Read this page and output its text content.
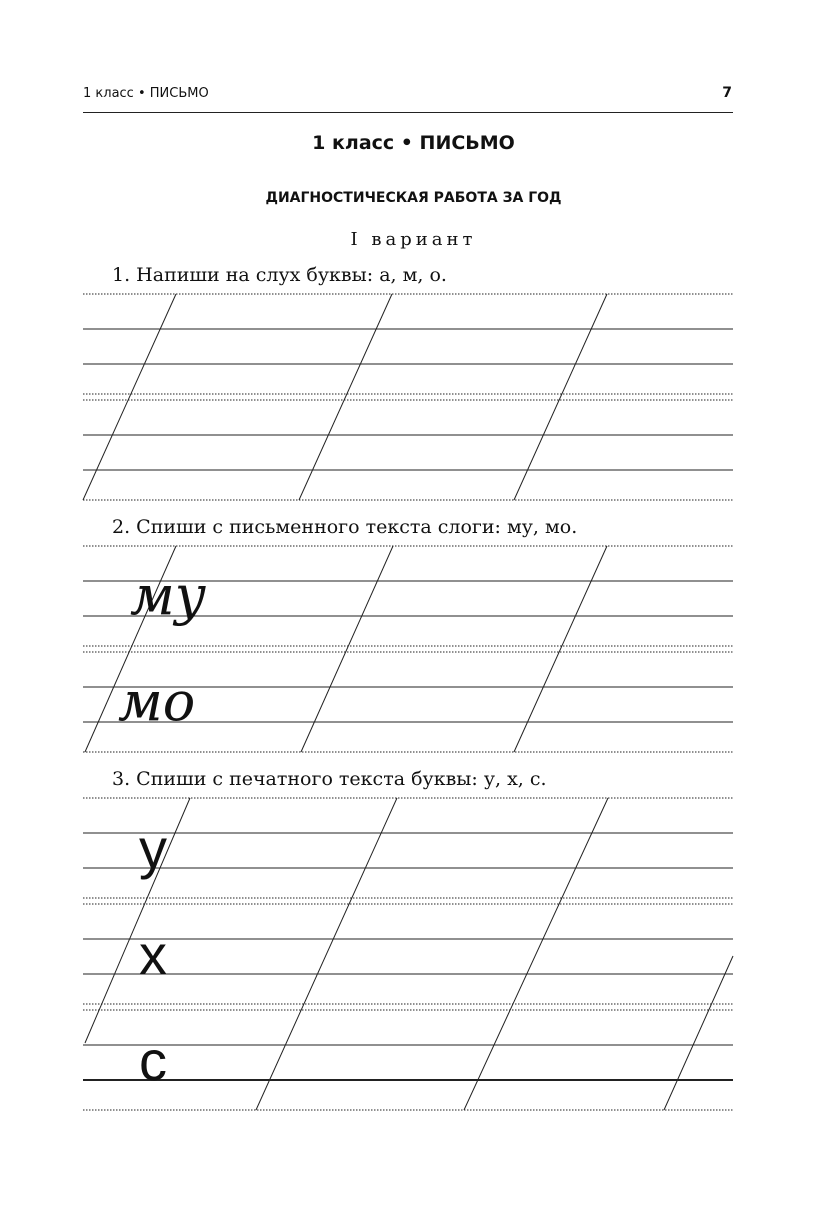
1 класс • ПИСЬМО	7
1 класс • ПИСЬМО
ДИАГНОСТИЧЕСКАЯ РАБОТА ЗА ГОД
I вариант
1. Напиши на слух буквы: а, м, о.
2. Спиши с письменного текста слоги: му, мо.
3. Спиши с печатного текста буквы: у, х, с.
му
мо
у
х
с
